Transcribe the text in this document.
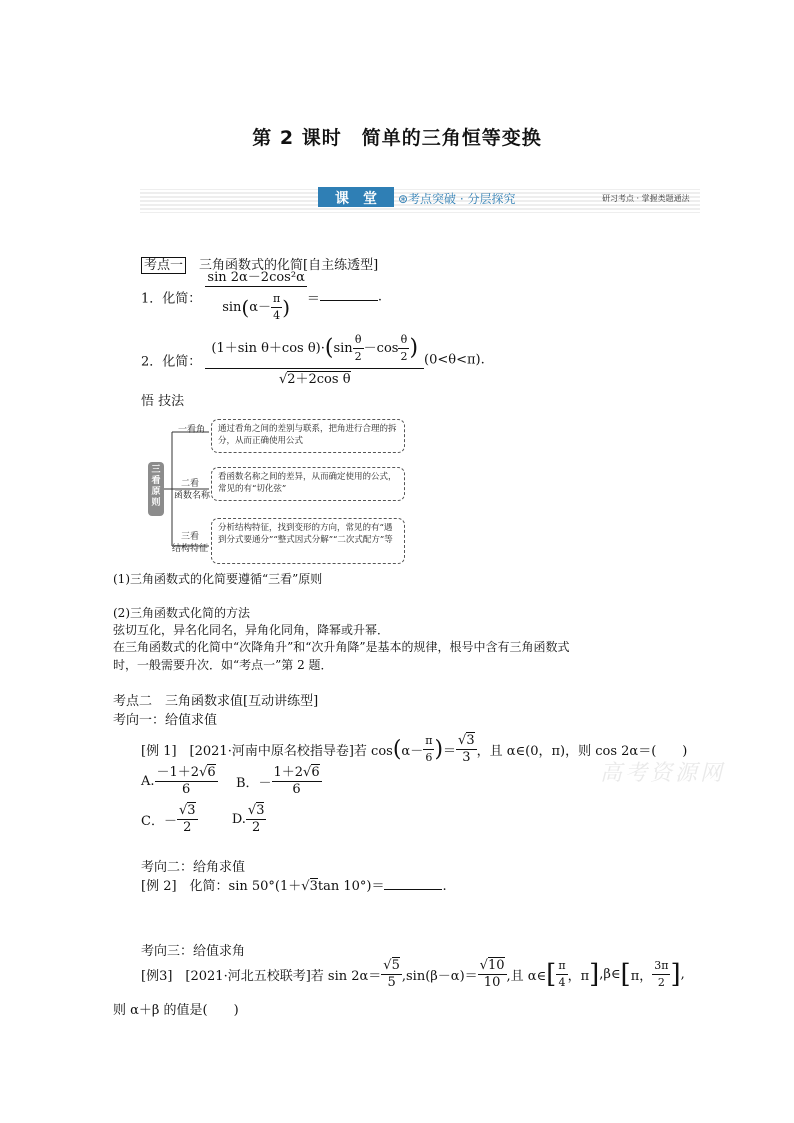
第 2 课时　简单的三角恒等变换
课　堂	⊛考点突破 · 分层探究	研习考点 · 掌握类题通法
考点一　三角函数式的化简[自主练透型]
1．化简： $\frac{\text{sin 2α－2cos²α}}{\sin(\alpha- \frac{\pi}{4} )}$ ＝	.
2．化简： $\frac{(1+\sin \theta+\cos \theta)\cdot(\sin \frac{\theta}{2} -\cos \frac{\theta}{2} )}{\text{√2＋2cos θ}} (0<\theta<\pi)$.
悟 技法
三看原则
一看角	通过看角之间的差别与联系，把角进行合理的拆分，从而正确使用公式
二看
函数名称
看函数名称之间的差异，从而确定使用的公式，常见的有“切化弦”
三看
结构特征
分析结构特征，找到变形的方向，常见的有“遇到分式要通分”“整式因式分解”“二次式配方”等
(1)三角函数式的化简要遵循“三看”原则
(2)三角函数式化简的方法
弦切互化，异名化同名，异角化同角，降幂或升幂．
在三角函数式的化简中“次降角升”和“次升角降”是基本的规律，根号中含有三角函数式
时，一般需要升次．如“考点一”第 2 题．
考点二　三角函数求值[互动讲练型]
考向一：给值求值
[例 1]　[2021·河南中原名校指导卷]若 $\cos(\alpha- \frac{\pi}{6}$ )＝ $\frac{√3}{3}$ ，且 α∈(0，π)，则 cos 2α＝(　　)
A. $\frac{-1+2√6}{6}$ B．－ $\frac{1+2√6}{6}$
C．－ $\frac{√3}{2}$	D. $\frac{√3}{2}$
考向二：给角求值
[例 2]　化简：sin 50°(1＋√3tan 10°)＝	.
考向三：给值求角
[例3]　[2021·河北五校联考]若 $\sin 2\alpha= \frac{√5}{5} ,\sin(\beta-\alpha)= \frac{√10}{10}$ ,且 α∈[ $\frac{\pi}{4}$ ，π],β∈[π， $\frac{3\pi}{2}$ ],
则 α＋β 的值是(　　)
高考资源网
